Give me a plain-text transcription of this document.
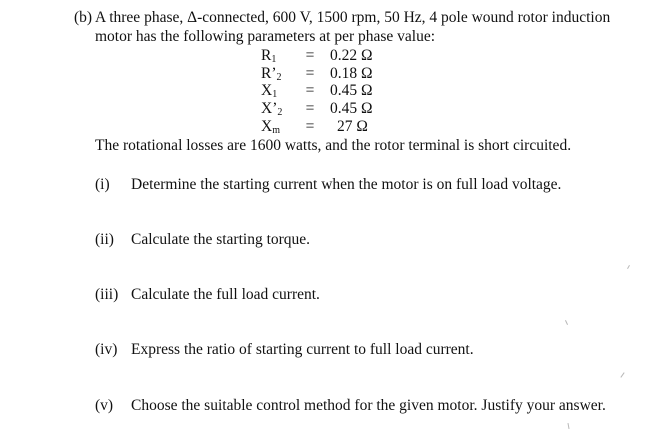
(b) A three phase, Δ-connected, 600 V, 1500 rpm, 50 Hz, 4 pole wound rotor induction
motor has the following parameters at per phase value:
$R_1$	= 0.22 Ω
$R’_2$	= 0.18 Ω
$X_1$	= 0.45 Ω
$X’_2$	= 0.45 Ω
$X_m$	= 27 Ω
The rotational losses are 1600 watts, and the rotor terminal is short circuited.
(i) Determine the starting current when the motor is on full load voltage.
(ii) Calculate the starting torque.
(iii) Calculate the full load current.
(iv) Express the ratio of starting current to full load current.
(v) Choose the suitable control method for the given motor. Justify your answer.
